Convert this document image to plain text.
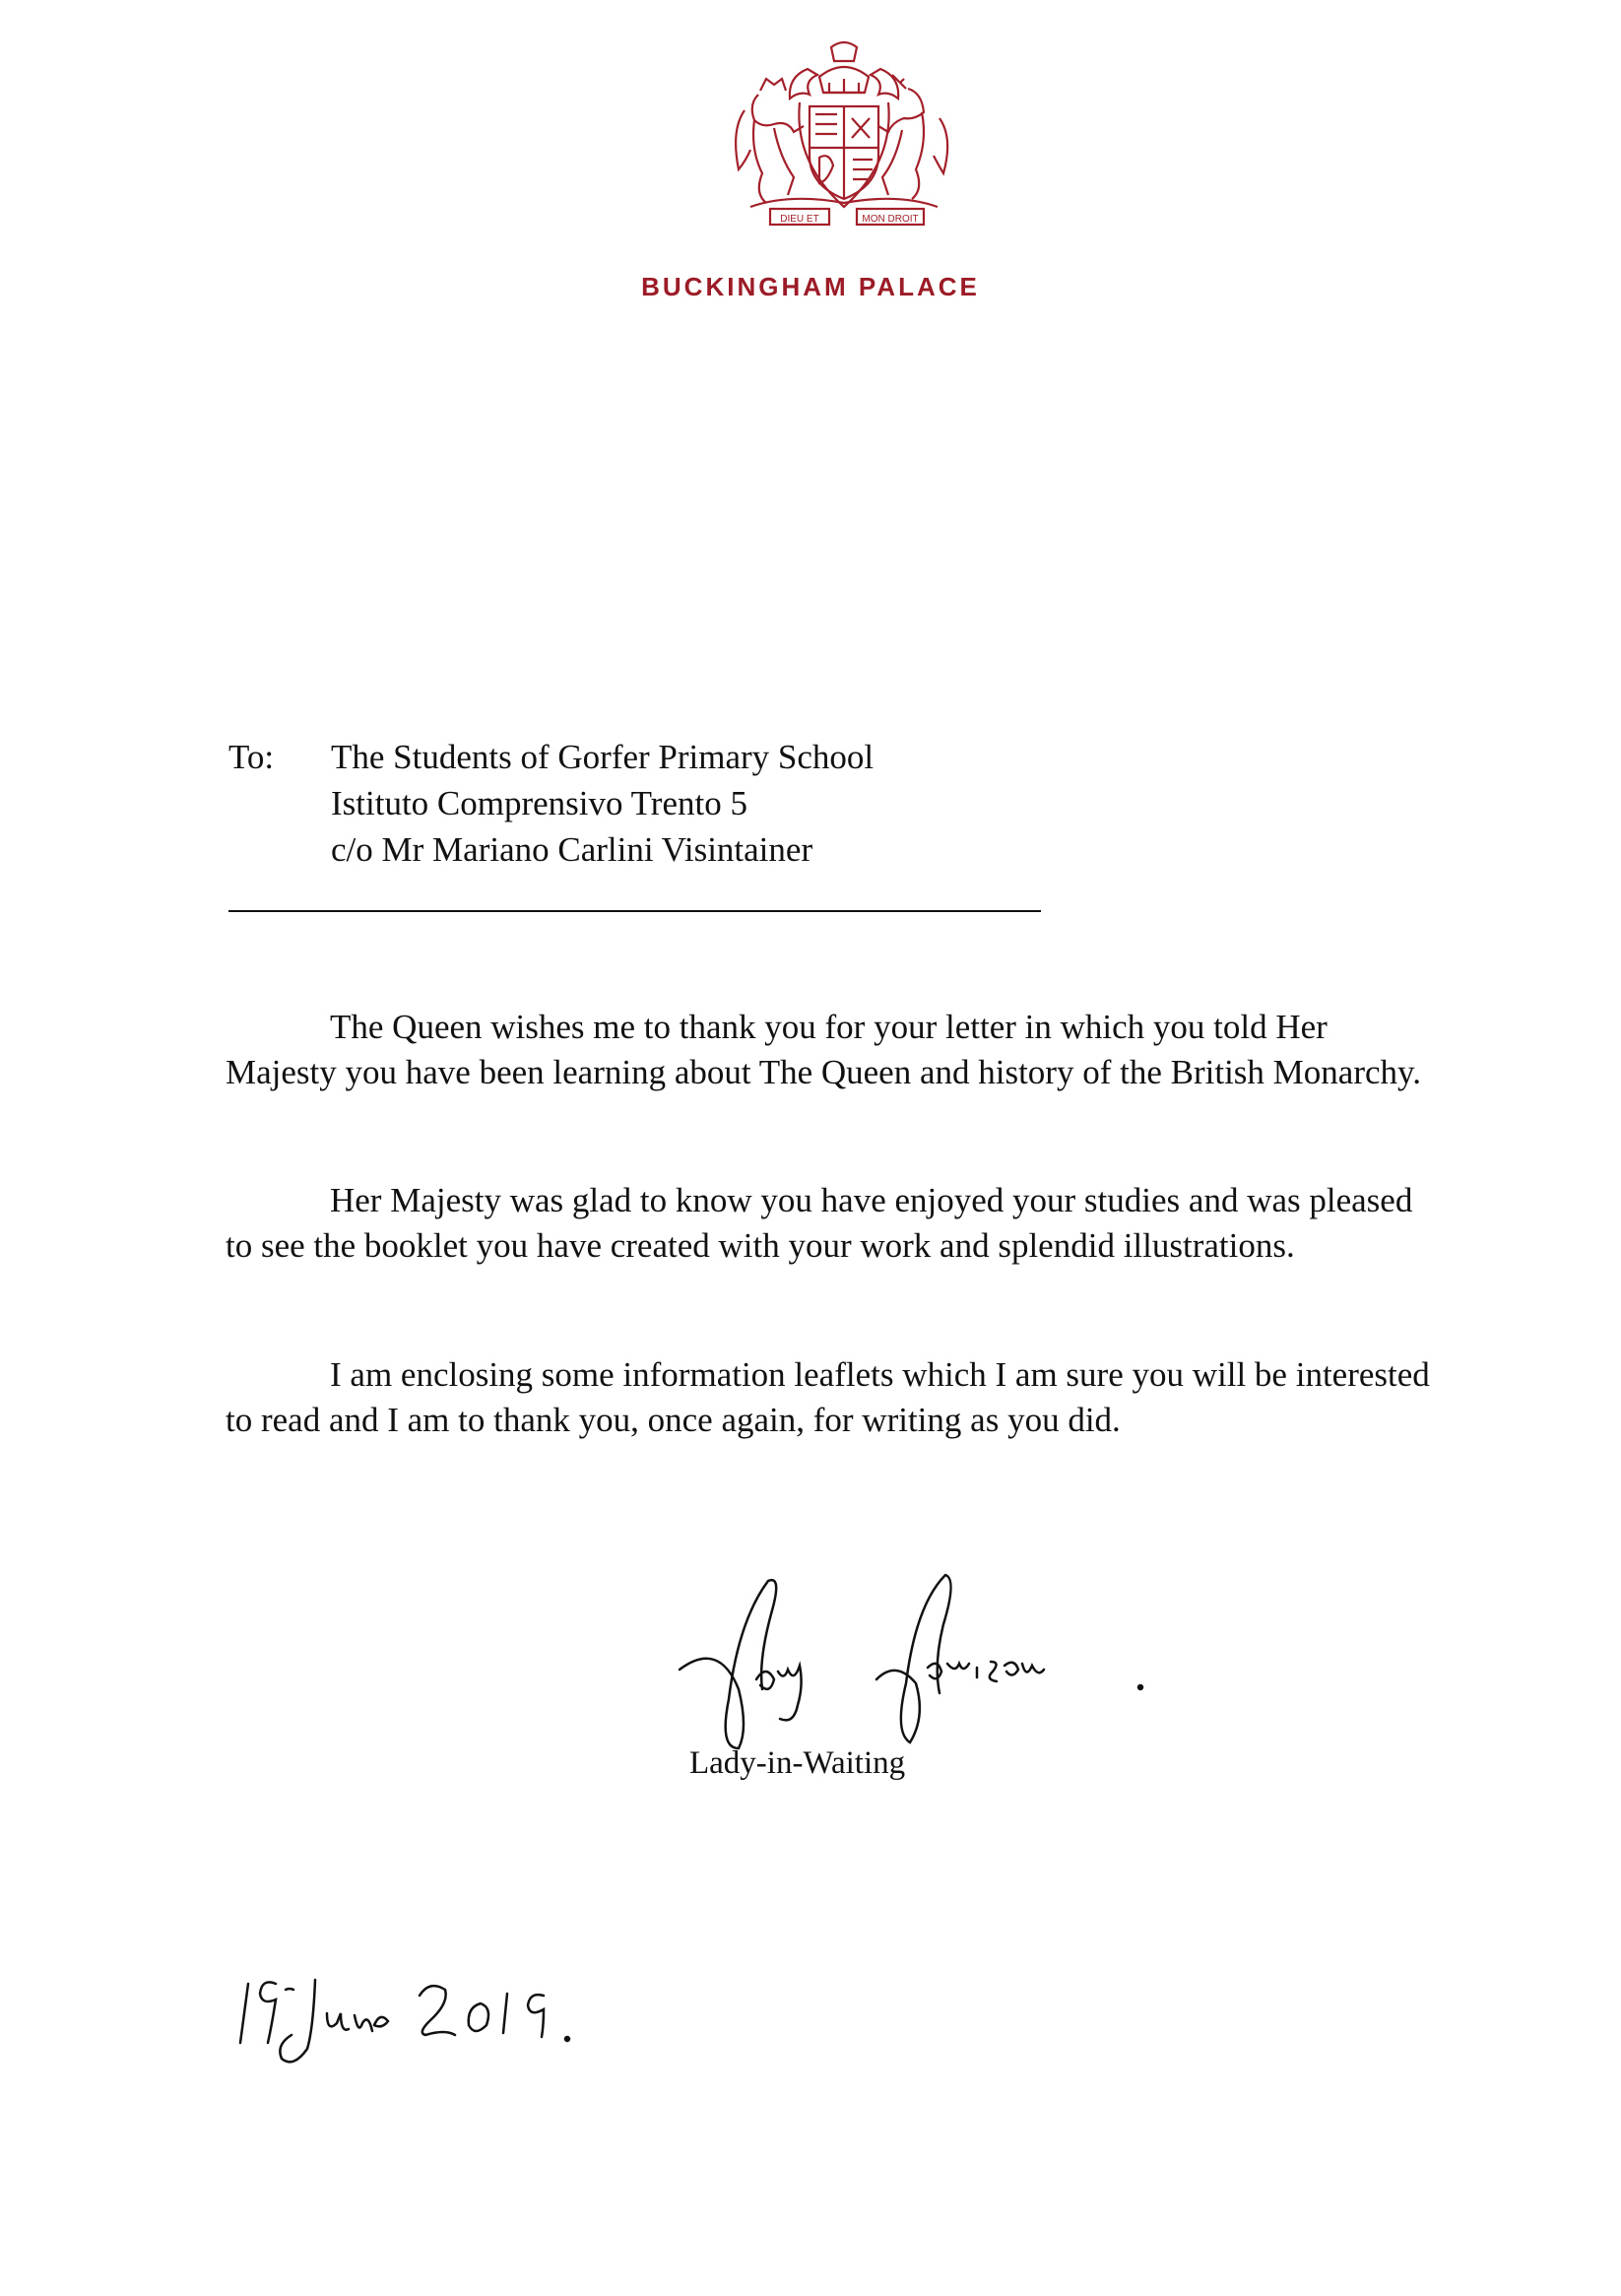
DIEU ET	MON DROIT
BUCKINGHAM PALACE
To:	The Students of Gorfer Primary School
Istituto Comprensivo Trento 5
c/o Mr Mariano Carlini Visintainer

The Queen wishes me to thank you for your letter in which you told Her Majesty you have been learning about The Queen and history of the British Monarchy.

Her Majesty was glad to know you have enjoyed your studies and was pleased to see the booklet you have created with your work and splendid illustrations.

I am enclosing some information leaflets which I am sure you will be interested to read and I am to thank you, once again, for writing as you did.

Lady-in-Waiting
